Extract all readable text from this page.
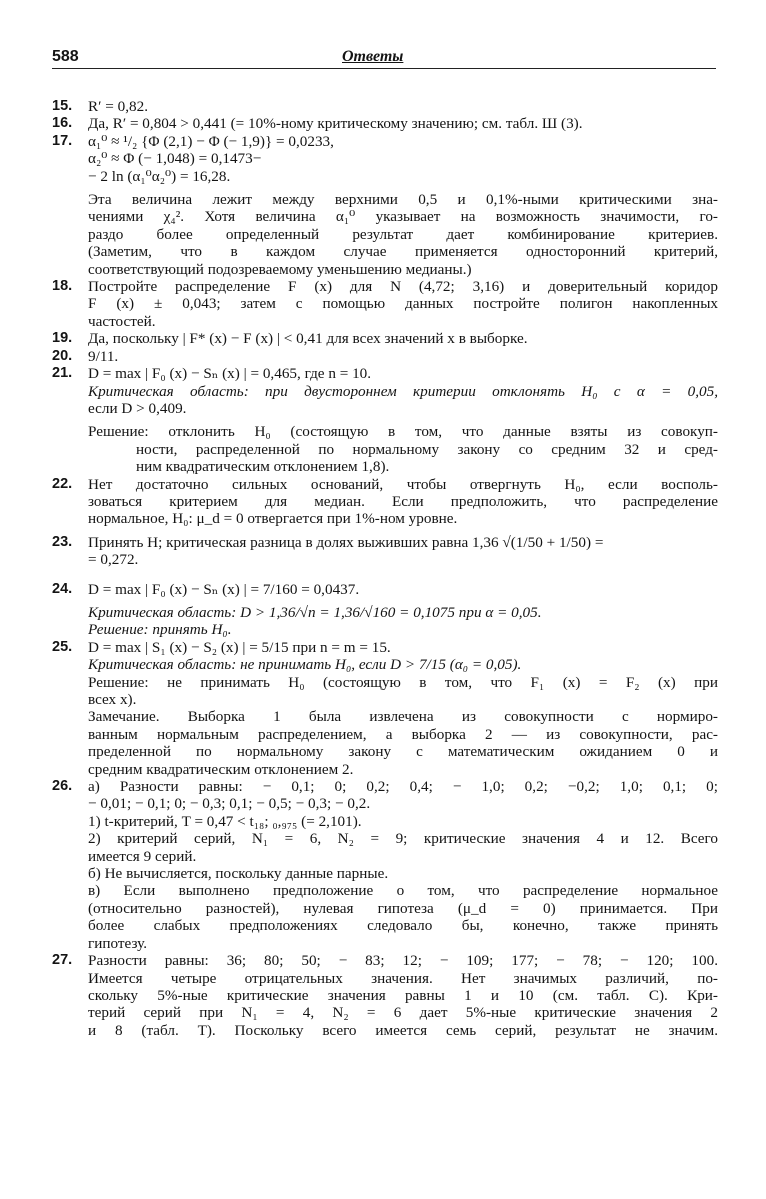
588	Ответы
15.	R′ = 0,82.
16.	Да, R′ = 0,804 > 0,441 (= 10%-ному критическому значению; см. табл. Ш (3).
17.	α₁⁰ ≈ ¹/₂ {Φ (2,1) − Φ (− 1,9)} = 0,0233,
α₂⁰ ≈ Φ (− 1,048) = 0,1473−
− 2 ln (α₁⁰α₂⁰) = 16,28.
Эта величина лежит между верхними 0,5 и 0,1%-ными критическими зна-
чениями χ₄². Хотя величина α₁⁰ указывает на возможность значимости, го-
раздо более определенный результат дает комбинирование критериев.
(Заметим, что в каждом случае применяется односторонний критерий,
соответствующий подозреваемому уменьшению медианы.)
18.	Постройте распределение F (x) для N (4,72; 3,16) и доверительный коридор
F (x) ± 0,043; затем с помощью данных постройте полигон накопленных
частостей.
19.	Да, поскольку | F* (x) − F (x) | < 0,41 для всех значений x в выборке.
20.	9/11.
21.	D = max | F₀ (x) − Sₙ (x) | = 0,465, где n = 10.
Критическая область: при двустороннем критерии отклонять H₀ с α = 0,05,
если D > 0,409.
Решение: отклонить H₀ (состоящую в том, что данные взяты из совокуп-
ности, распределенной по нормальному закону со средним 32 и сред-
ним квадратическим отклонением 1,8).
22.	Нет достаточно сильных оснований, чтобы отвергнуть H₀, если восполь-
зоваться критерием для медиан. Если предположить, что распределение
нормальное, H₀: μ_d = 0 отвергается при 1%-ном уровне.
23.	Принять H; критическая разница в долях выживших равна 1,36 √(1/50 + 1/50) =
= 0,272.
24.	D = max | F₀ (x) − Sₙ (x) | = 7/160 = 0,0437.
Критическая область: D > 1,36/√n = 1,36/√160 = 0,1075 при α = 0,05.
Решение: принять H₀.
25.	D = max | S₁ (x) − S₂ (x) | = 5/15 при n = m = 15.
Критическая область: не принимать H₀, если D > 7/15 (α₀ = 0,05).
Решение: не принимать H₀ (состоящую в том, что F₁ (x) = F₂ (x) при
всех x).
Замечание. Выборка 1 была извлечена из совокупности с нормиро-
ванным нормальным распределением, а выборка 2 — из совокупности, рас-
пределенной по нормальному закону с математическим ожиданием 0 и
средним квадратическим отклонением 2.
26.	а) Разности равны: − 0,1; 0; 0,2; 0,4; − 1,0; 0,2; −0,2; 1,0; 0,1; 0;
− 0,01; − 0,1; 0; − 0,3; 0,1; − 0,5; − 0,3; − 0,2.
1) t-критерий, T = 0,47 < t₁₈; ₀,₉₇₅ (= 2,101).
2) критерий серий, N₁ = 6, N₂ = 9; критические значения 4 и 12. Всего
имеется 9 серий.
б) Не вычисляется, поскольку данные парные.
в) Если выполнено предположение о том, что распределение нормальное
(относительно разностей), нулевая гипотеза (μ_d = 0) принимается. При
более слабых предположениях следовало бы, конечно, также принять
гипотезу.
27.	Разности равны: 36; 80; 50; − 83; 12; − 109; 177; − 78; − 120; 100.
Имеется четыре отрицательных значения. Нет значимых различий, по-
скольку 5%-ные критические значения равны 1 и 10 (см. табл. С). Кри-
терий серий при N₁ = 4, N₂ = 6 дает 5%-ные критические значения 2
и 8 (табл. T). Поскольку всего имеется семь серий, результат не значим.
